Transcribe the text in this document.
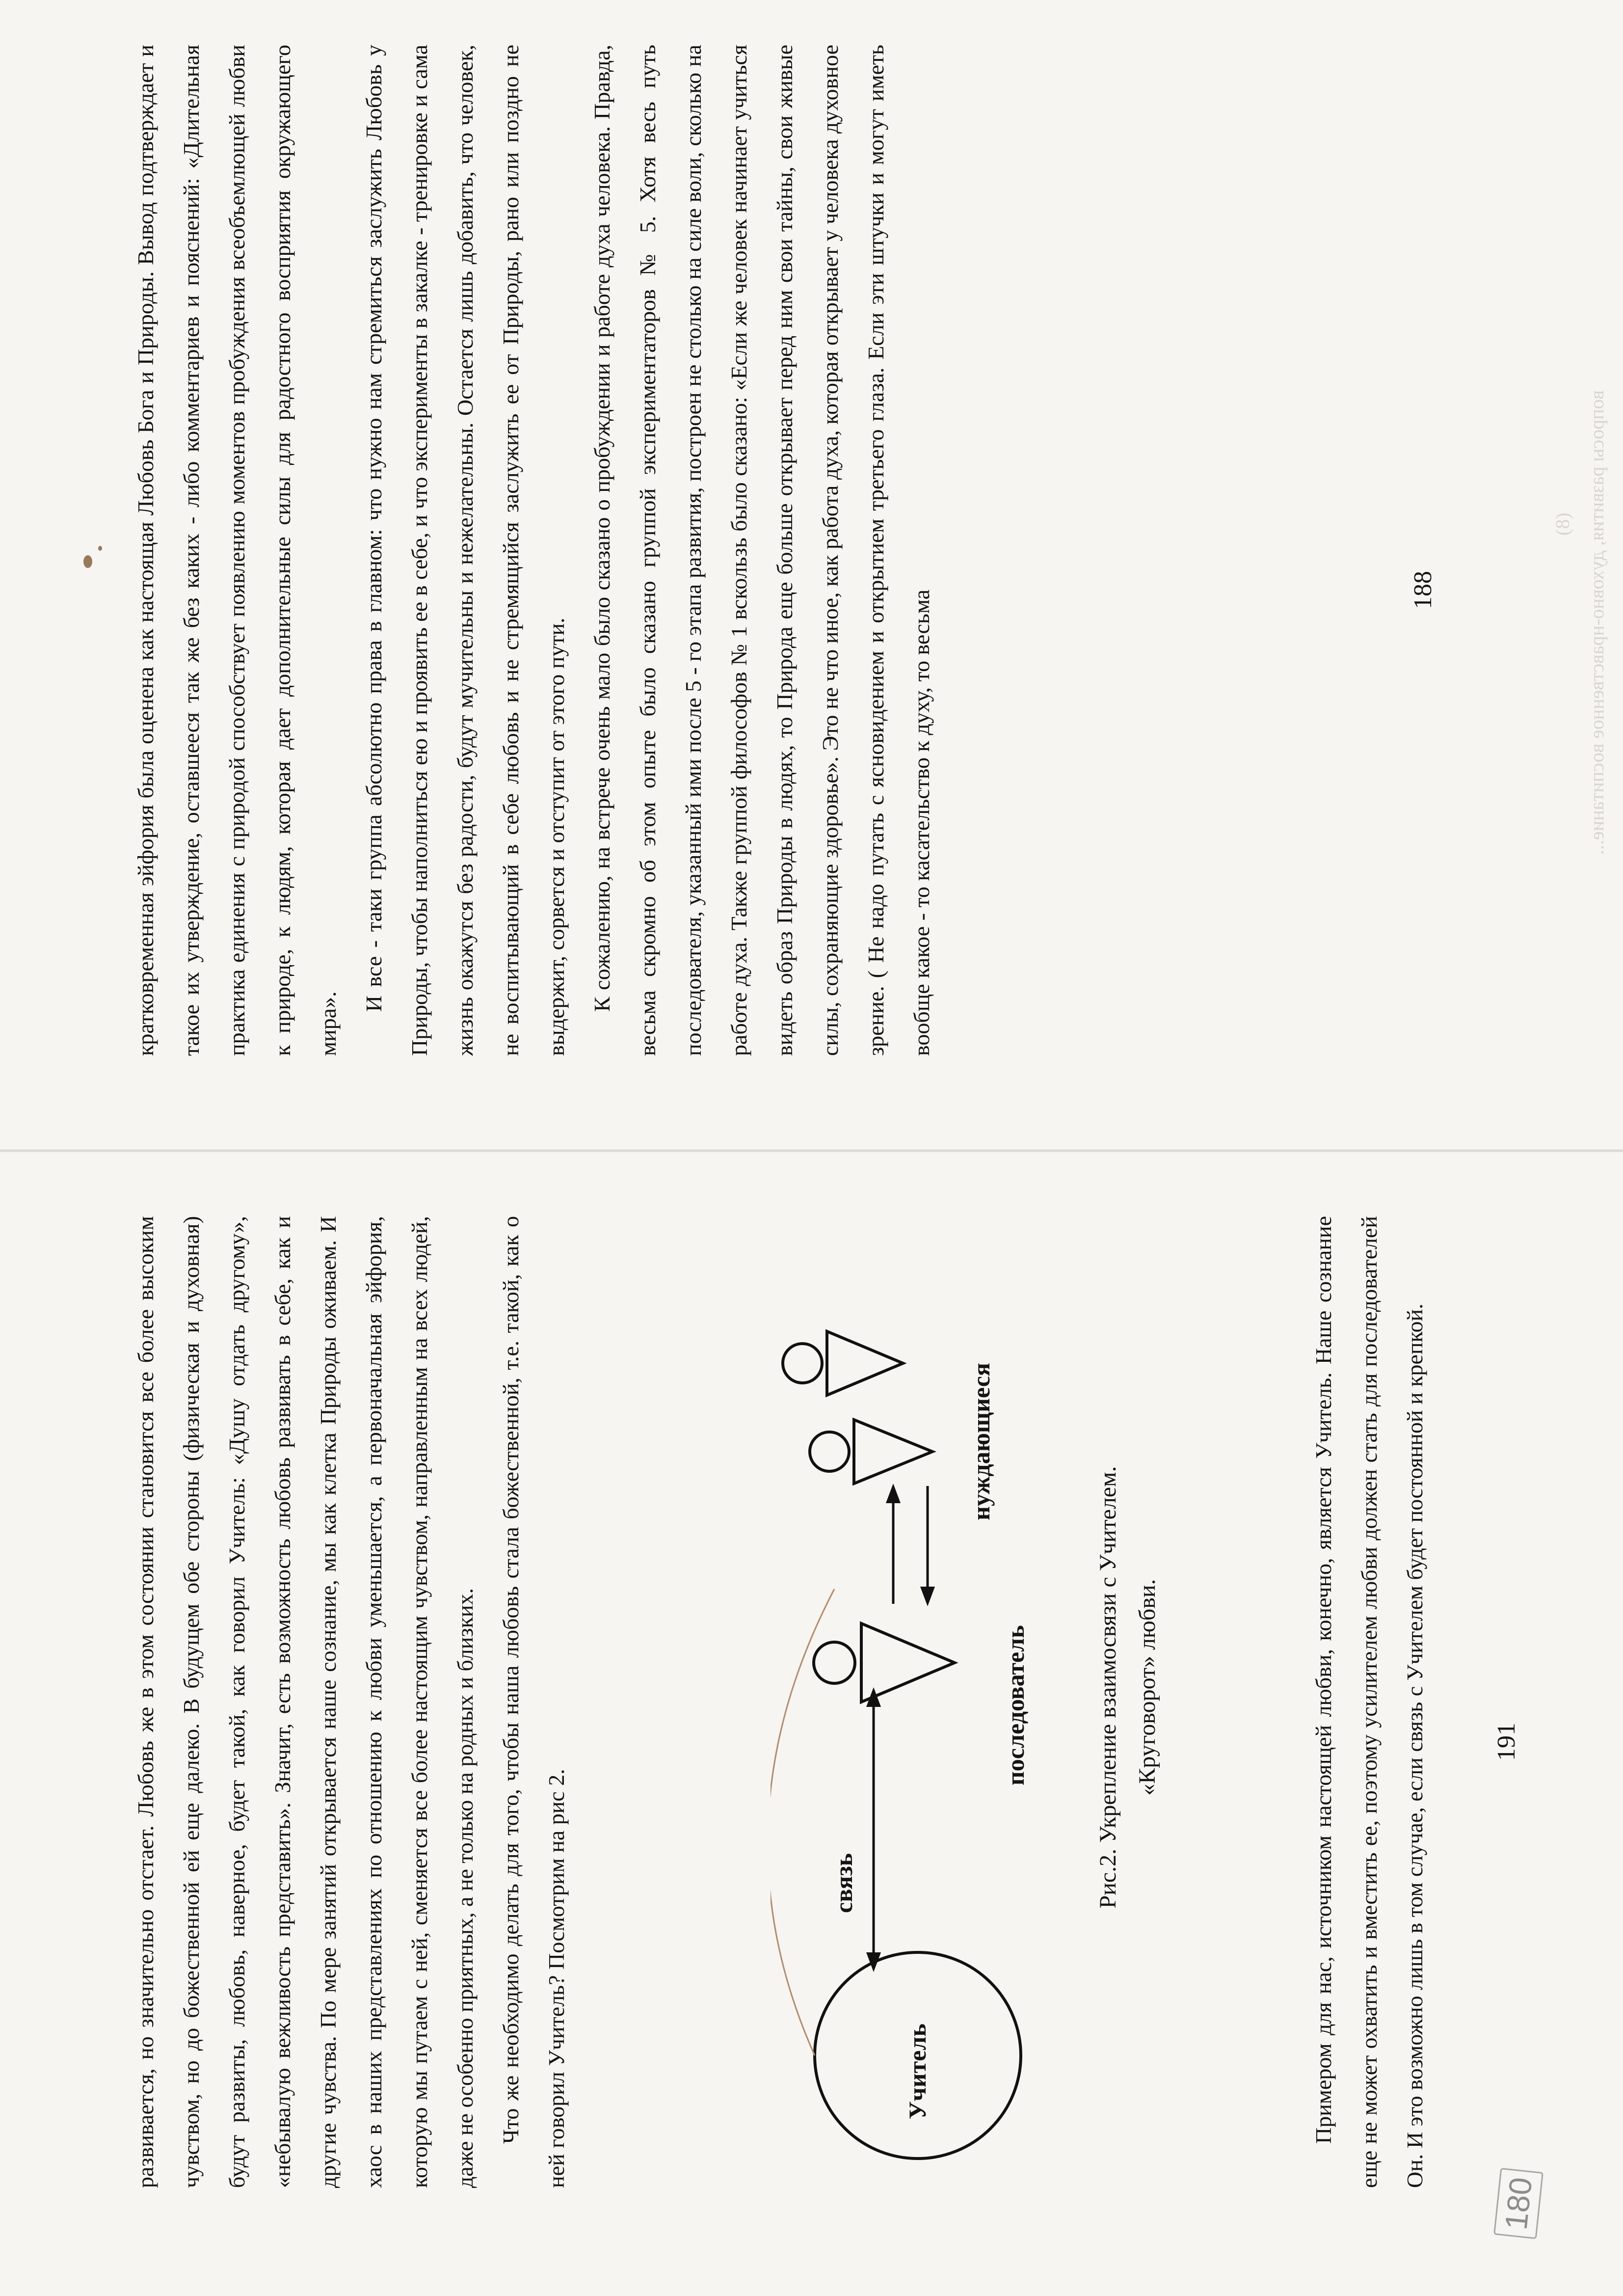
развивается, но значительно отстает. Любовь же в этом состоянии становится все более высоким чувством, но до божественной ей еще далеко. В будущем обе стороны (физическая и духовная) будут развиты, любовь, наверное, будет такой, как говорил Учитель: «Душу отдать другому», «небывалую вежливость представить». Значит, есть возможность любовь развивать в себе, как и другие чувства. По мере занятий открывается наше сознание, мы как клетка Природы оживаем. И хаос в наших представлениях по отношению к любви уменьшается, а первоначальная эйфория, которую мы путаем с ней, сменяется все более настоящим чувством, направленным на всех людей, даже не особенно приятных, а не только на родных и близких. Что же необходимо делать для того, чтобы наша любовь стала божественной, т.е. такой, как о ней говорил Учитель? Посмотрим на рис 2.	связь
Учитель
последователь
нуждающиеся
Рис.2. Укрепление взаимосвязи с Учителем. «Круговорот» любви.	Примером для нас, источником настоящей любви, конечно, является Учитель. Наше сознание еще не может охватить и вместить ее, поэтому усилителем любви должен стать для последователей Он. И это возможно лишь в том случае, если связь с Учителем будет постоянной и крепкой.	191
180

кратковременная эйфория была оценена как настоящая Любовь Бога и Природы. Вывод подтверждает и такое их утверждение, оставшееся так же без каких - либо комментариев и пояснений: «Длительная практика единения с природой способствует появлению моментов пробуждения всеобъемлющей любви к природе, к людям, которая дает дополнительные силы для радостного восприятия окружающего мира».

И все - таки группа абсолютно права в главном: что нужно нам стремиться заслужить Любовь у Природы, чтобы наполниться ею и проявить ее в себе, и что эксперименты в закалке - тренировке и сама жизнь окажутся без радости, будут мучительны и нежелательны. Остается лишь добавить, что человек, не воспитывающий в себе любовь и не стремящийся заслужить ее от Природы, рано или поздно не выдержит, сорвется и отступит от этого пути. К сожалению, на встрече очень мало было сказано о пробуждении и работе духа человека. Правда, весьма скромно об этом опыте было сказано группой экспериментаторов № 5. Хотя весь путь последователя, указанный ими после 5 - го этапа развития, построен не столько на силе воли, сколько на работе духа. Также группой философов № 1 вскользь было сказано: «Если же человек начинает учиться видеть образ Природы в людях, то Природа еще больше открывает перед ним свои тайны, свои живые силы, сохраняющие здоровье». Это не что иное, как работа духа, которая открывает у человека духовное зрение. ( Не надо путать с ясновидением и открытием третьего глаза. Если эти штучки и могут иметь вообще какое - то касательство к духу, то весьма	188
(8) вопросы развития, духовно-нравственное воспитание...
